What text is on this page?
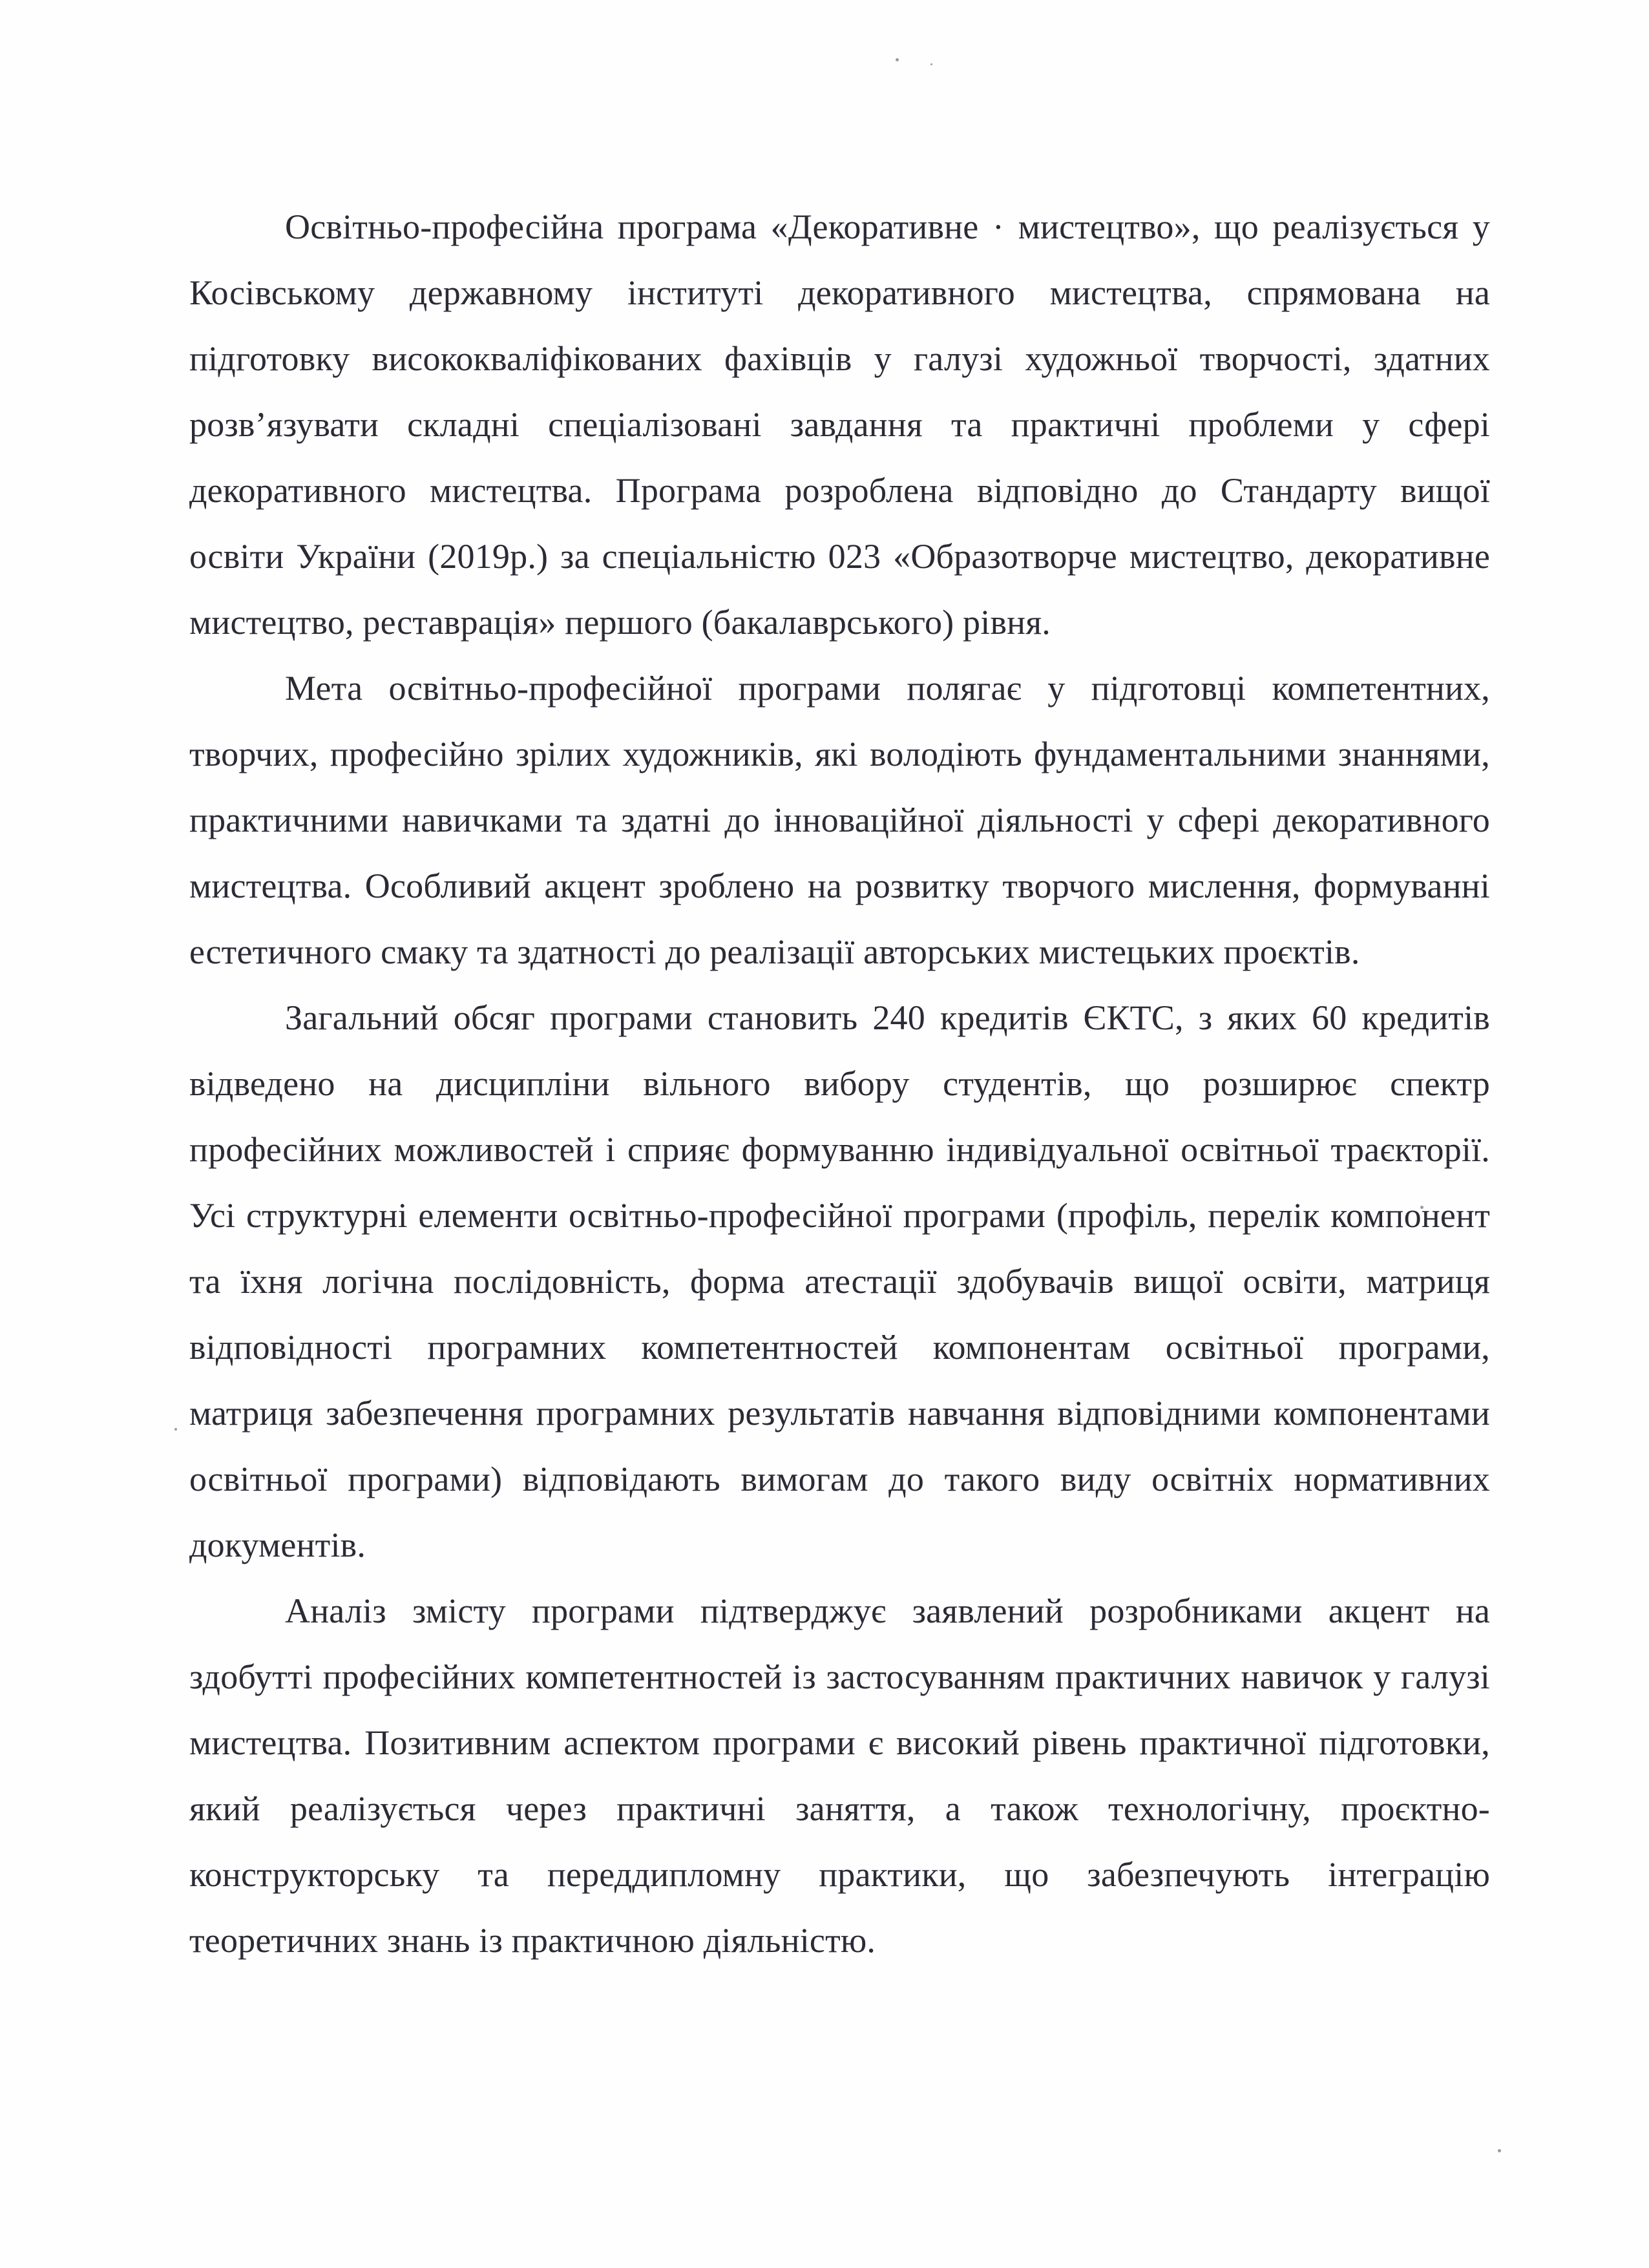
Освітньо-професійна програма «Декоративне · мистецтво», що реалізується у Косівському державному інституті декоративного мистецтва, спрямована на підготовку висококваліфікованих фахівців у галузі художньої творчості, здатних розв’язувати складні спеціалізовані завдання та практичні проблеми у сфері декоративного мистецтва. Програма розроблена відповідно до Стандарту вищої освіти України (2019р.) за спеціальністю 023 «Образотворче мистецтво, декоративне мистецтво, реставрація» першого (бакалаврського) рівня.

Мета освітньо-професійної програми полягає у підготовці компетентних, творчих, професійно зрілих художників, які володіють фундаментальними знаннями, практичними навичками та здатні до інноваційної діяльності у сфері декоративного мистецтва. Особливий акцент зроблено на розвитку творчого мислення, формуванні естетичного смаку та здатності до реалізації авторських мистецьких проєктів.

Загальний обсяг програми становить 240 кредитів ЄКТС, з яких 60 кредитів відведено на дисципліни вільного вибору студентів, що розширює спектр професійних можливостей і сприяє формуванню індивідуальної освітньої траєкторії. Усі структурні елементи освітньо-професійної програми (профіль, перелік компонент та їхня логічна послідовність, форма атестації здобувачів вищої освіти, матриця відповідності програмних компетентностей компонентам освітньої програми, матриця забезпечення програмних результатів навчання відповідними компонентами освітньої програми) відповідають вимогам до такого виду освітніх нормативних документів.

Аналіз змісту програми підтверджує заявлений розробниками акцент на здобутті професійних компетентностей із застосуванням практичних навичок у галузі мистецтва. Позитивним аспектом програми є високий рівень практичної підготовки, який реалізується через практичні заняття, а також технологічну, проєктно-конструкторську та переддипломну практики, що забезпечують інтеграцію теоретичних знань із практичною діяльністю.
